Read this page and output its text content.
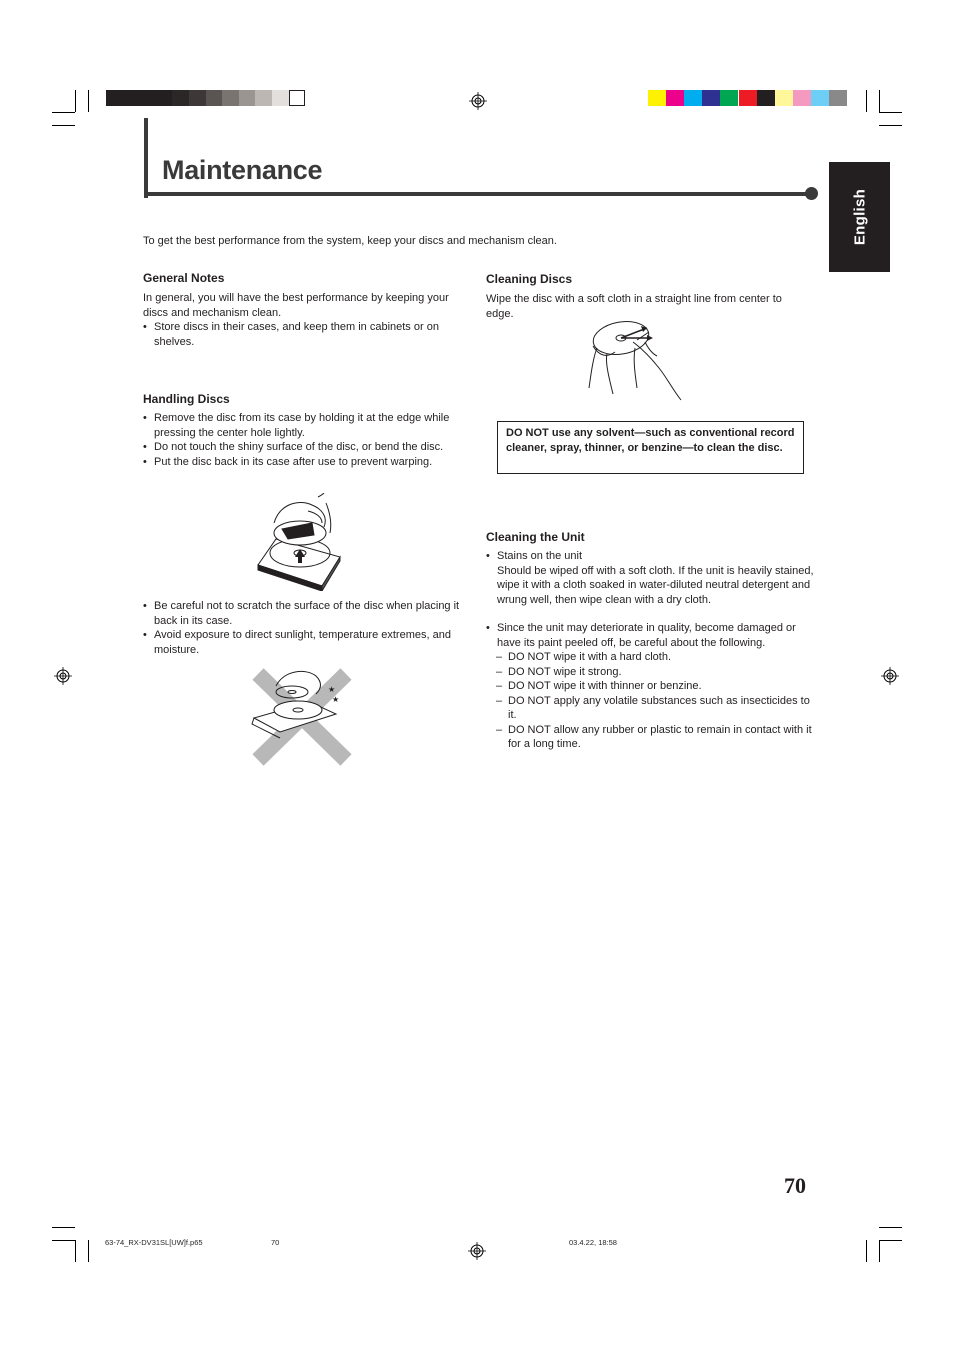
Maintenance
English
To get the best performance from the system, keep your discs and mechanism clean.
General Notes
In general, you will have the best performance by keeping your discs and mechanism clean.
• Store discs in their cases, and keep them in cabinets or on shelves.
Handling Discs
• Remove the disc from its case by holding it at the edge while pressing the center hole lightly.
• Do not touch the shiny surface of the disc, or bend the disc.
• Put the disc back in its case after use to prevent warping.
• Be careful not to scratch the surface of the disc when placing it back in its case.
• Avoid exposure to direct sunlight, temperature extremes, and moisture.
★
★
Cleaning Discs
Wipe the disc with a soft cloth in a straight line from center to edge.
DO NOT use any solvent—such as conventional record cleaner, spray, thinner, or benzine—to clean the disc.
Cleaning the Unit
• Stains on the unit
Should be wiped off with a soft cloth. If the unit is heavily stained, wipe it with a cloth soaked in water-diluted neutral detergent and wrung well, then wipe clean with a dry cloth.
• Since the unit may deteriorate in quality, become damaged or have its paint peeled off, be careful about the following.
– DO NOT wipe it with a hard cloth.
– DO NOT wipe it strong.
– DO NOT wipe it with thinner or benzine.
– DO NOT apply any volatile substances such as insecticides to it.
– DO NOT allow any rubber or plastic to remain in contact with it for a long time.
70
63-74_RX-DV31SL[UW]f.p65	70	03.4.22, 18:58
